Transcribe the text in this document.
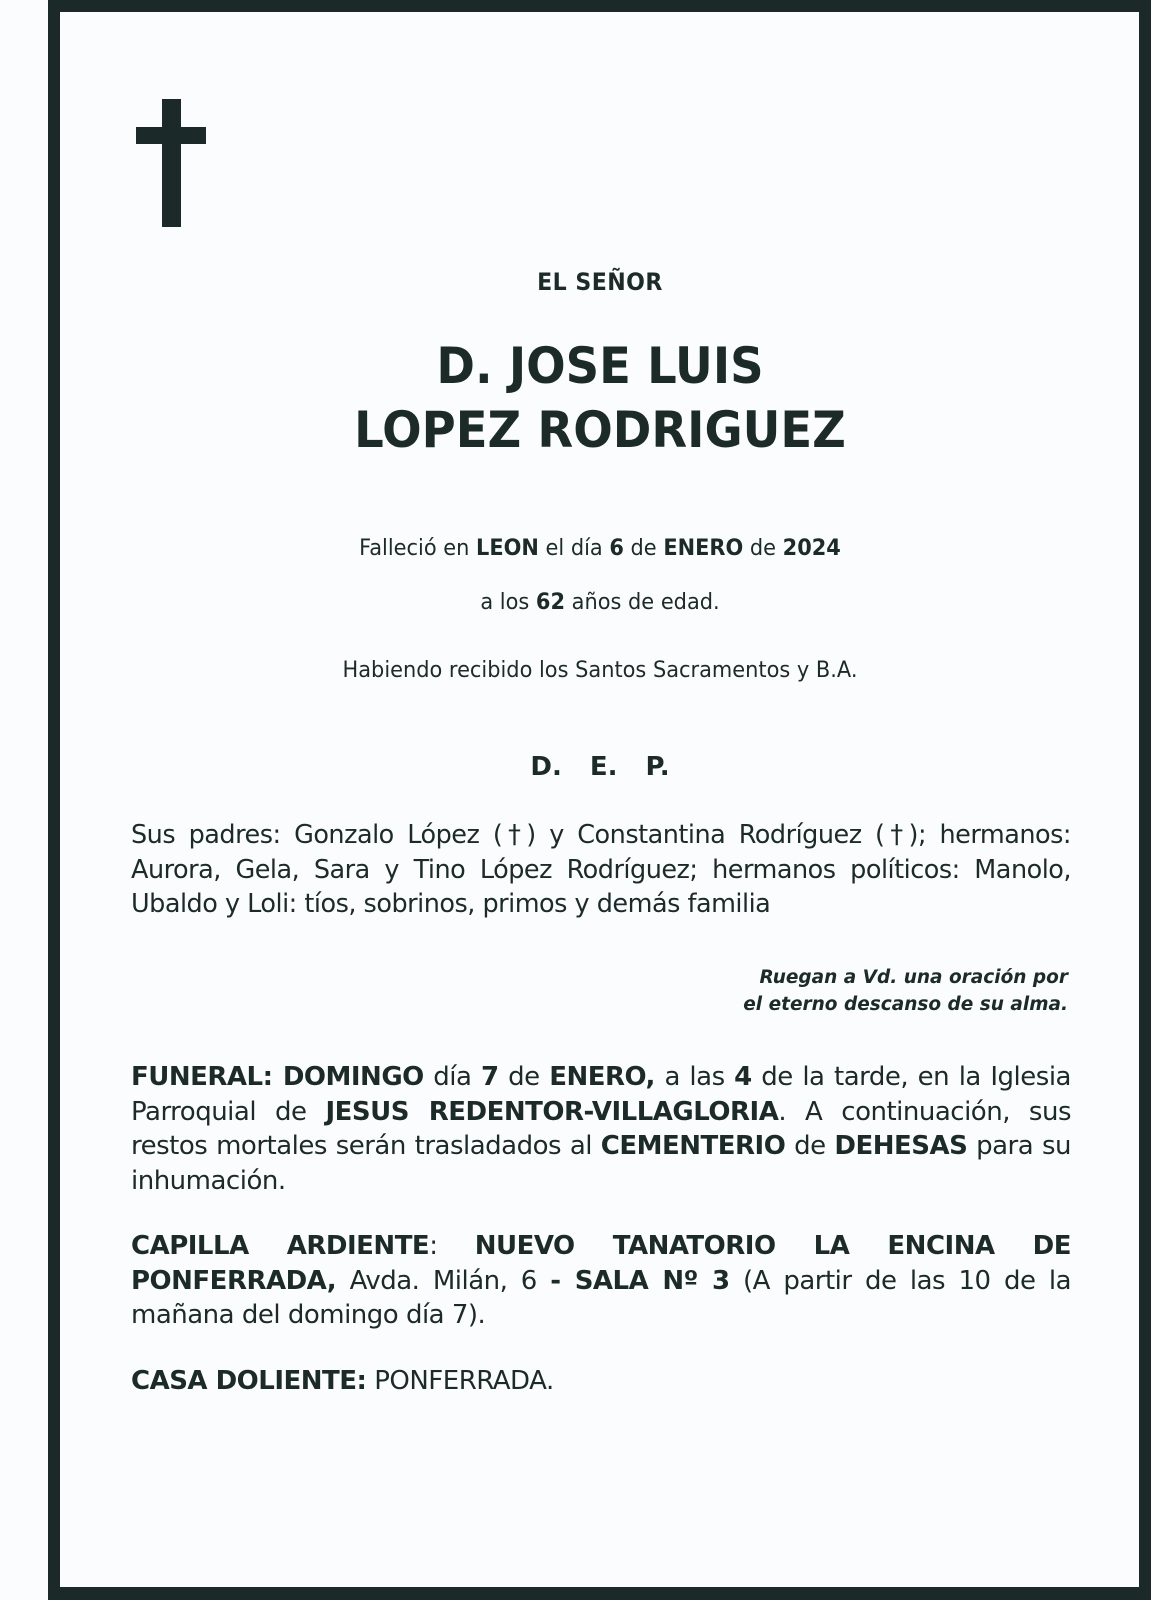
EL SEÑOR
D. JOSE LUIS
LOPEZ RODRIGUEZ
Falleció en LEON el día 6 de ENERO de 2024
a los 62 años de edad.
Habiendo recibido los Santos Sacramentos y B.A.
D. E. P.
Sus padres: Gonzalo López (†) y Constantina Rodríguez (†); hermanos: Aurora, Gela, Sara y Tino López Rodríguez; hermanos políticos: Manolo, Ubaldo y Loli: tíos, sobrinos, primos y demás familia
Ruegan a Vd. una oración por
el eterno descanso de su alma.
FUNERAL: DOMINGO día 7 de ENERO, a las 4 de la tarde, en la Iglesia Parroquial de JESUS REDENTOR-VILLAGLORIA. A continuación, sus restos mortales serán trasladados al CEMENTERIO de DEHESAS para su inhumación.
CAPILLA ARDIENTE: NUEVO TANATORIO LA ENCINA DE PONFERRADA, Avda. Milán, 6 - SALA Nº 3 (A partir de las 10 de la mañana del domingo día 7).
CASA DOLIENTE: PONFERRADA.
